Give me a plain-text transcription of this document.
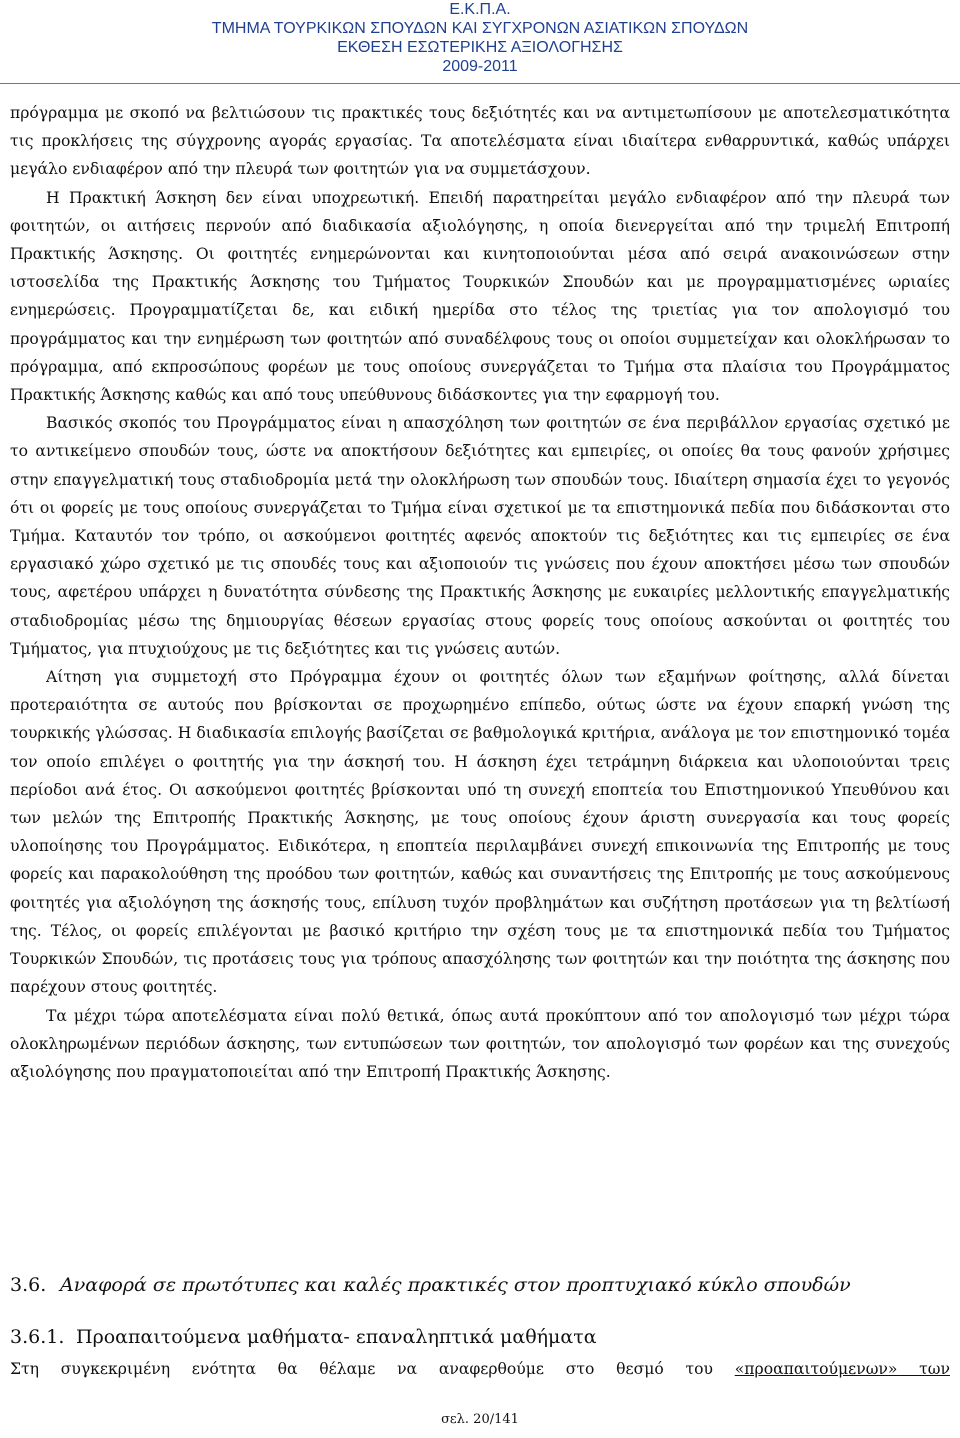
Ε.Κ.Π.Α.
ΤΜΗΜΑ ΤΟΥΡΚΙΚΩΝ ΣΠΟΥΔΩΝ ΚΑΙ ΣΥΓΧΡΟΝΩΝ ΑΣΙΑΤΙΚΩΝ ΣΠΟΥΔΩΝ
ΕΚΘΕΣΗ ΕΣΩΤΕΡΙΚΗΣ ΑΞΙΟΛΟΓΗΣΗΣ
2009-2011

πρόγραμμα με σκοπό να βελτιώσουν τις πρακτικές τους δεξιότητές και να αντιμετωπίσουν με αποτελεσματικότητα τις προκλήσεις της σύγχρονης αγοράς εργασίας. Τα αποτελέσματα είναι ιδιαίτερα ενθαρρυντικά, καθώς υπάρχει μεγάλο ενδιαφέρον από την πλευρά των φοιτητών για να συμμετάσχουν.

Η Πρακτική Άσκηση δεν είναι υποχρεωτική. Επειδή παρατηρείται μεγάλο ενδιαφέρον από την πλευρά των φοιτητών, οι αιτήσεις περνούν από διαδικασία αξιολόγησης, η οποία διενεργείται από την τριμελή Επιτροπή Πρακτικής Άσκησης. Οι φοιτητές ενημερώνονται και κινητοποιούνται μέσα από σειρά ανακοινώσεων στην ιστοσελίδα της Πρακτικής Άσκησης του Τμήματος Τουρκικών Σπουδών και με προγραμματισμένες ωριαίες ενημερώσεις. Προγραμματίζεται δε, και ειδική ημερίδα στο τέλος της τριετίας για τον απολογισμό του προγράμματος και την ενημέρωση των φοιτητών από συναδέλφους τους οι οποίοι συμμετείχαν και ολοκλήρωσαν το πρόγραμμα, από εκπροσώπους φορέων με τους οποίους συνεργάζεται το Τμήμα στα πλαίσια του Προγράμματος Πρακτικής Άσκησης καθώς και από τους υπεύθυνους διδάσκοντες για την εφαρμογή του.

Βασικός σκοπός του Προγράμματος είναι η απασχόληση των φοιτητών σε ένα περιβάλλον εργασίας σχετικό με το αντικείμενο σπουδών τους, ώστε να αποκτήσουν δεξιότητες και εμπειρίες, οι οποίες θα τους φανούν χρήσιμες στην επαγγελματική τους σταδιοδρομία μετά την ολοκλήρωση των σπουδών τους. Ιδιαίτερη σημασία έχει το γεγονός ότι οι φορείς με τους οποίους συνεργάζεται το Τμήμα είναι σχετικοί με τα επιστημονικά πεδία που διδάσκονται στο Τμήμα. Καταυτόν τον τρόπο, οι ασκούμενοι φοιτητές αφενός αποκτούν τις δεξιότητες και τις εμπειρίες σε ένα εργασιακό χώρο σχετικό με τις σπουδές τους και αξιοποιούν τις γνώσεις που έχουν αποκτήσει μέσω των σπουδών τους, αφετέρου υπάρχει η δυνατότητα σύνδεσης της Πρακτικής Άσκησης με ευκαιρίες μελλοντικής επαγγελματικής σταδιοδρομίας μέσω της δημιουργίας θέσεων εργασίας στους φορείς τους οποίους ασκούνται οι φοιτητές του Τμήματος, για πτυχιούχους με τις δεξιότητες και τις γνώσεις αυτών.

Αίτηση για συμμετοχή στο Πρόγραμμα έχουν οι φοιτητές όλων των εξαμήνων φοίτησης, αλλά δίνεται προτεραιότητα σε αυτούς που βρίσκονται σε προχωρημένο επίπεδο, ούτως ώστε να έχουν επαρκή γνώση της τουρκικής γλώσσας. Η διαδικασία επιλογής βασίζεται σε βαθμολογικά κριτήρια, ανάλογα με τον επιστημονικό τομέα τον οποίο επιλέγει ο φοιτητής για την άσκησή του. Η άσκηση έχει τετράμηνη διάρκεια και υλοποιούνται τρεις περίοδοι ανά έτος. Οι ασκούμενοι φοιτητές βρίσκονται υπό τη συνεχή εποπτεία του Επιστημονικού Υπευθύνου και των μελών της Επιτροπής Πρακτικής Άσκησης, με τους οποίους έχουν άριστη συνεργασία και τους φορείς υλοποίησης του Προγράμματος. Ειδικότερα, η εποπτεία περιλαμβάνει συνεχή επικοινωνία της Επιτροπής με τους φορείς και παρακολούθηση της προόδου των φοιτητών, καθώς και συναντήσεις της Επιτροπής με τους ασκούμενους φοιτητές για αξιολόγηση της άσκησής τους, επίλυση τυχόν προβλημάτων και συζήτηση προτάσεων για τη βελτίωσή της. Τέλος, οι φορείς επιλέγονται με βασικό κριτήριο την σχέση τους με τα επιστημονικά πεδία του Τμήματος Τουρκικών Σπουδών, τις προτάσεις τους για τρόπους απασχόλησης των φοιτητών και την ποιότητα της άσκησης που παρέχουν στους φοιτητές.

Τα μέχρι τώρα αποτελέσματα είναι πολύ θετικά, όπως αυτά προκύπτουν από τον απολογισμό των μέχρι τώρα ολοκληρωμένων περιόδων άσκησης, των εντυπώσεων των φοιτητών, τον απολογισμό των φορέων και της συνεχούς αξιολόγησης που πραγματοποιείται από την Επιτροπή Πρακτικής Άσκησης.

3.6. Αναφορά σε πρωτότυπες και καλές πρακτικές στον προπτυχιακό κύκλο σπουδών
3.6.1. Προαπαιτούμενα μαθήματα- επαναληπτικά μαθήματα
Στη συγκεκριμένη ενότητα θα θέλαμε να αναφερθούμε στο θεσμό του «προαπαιτούμενων» των
σελ. 20/141
